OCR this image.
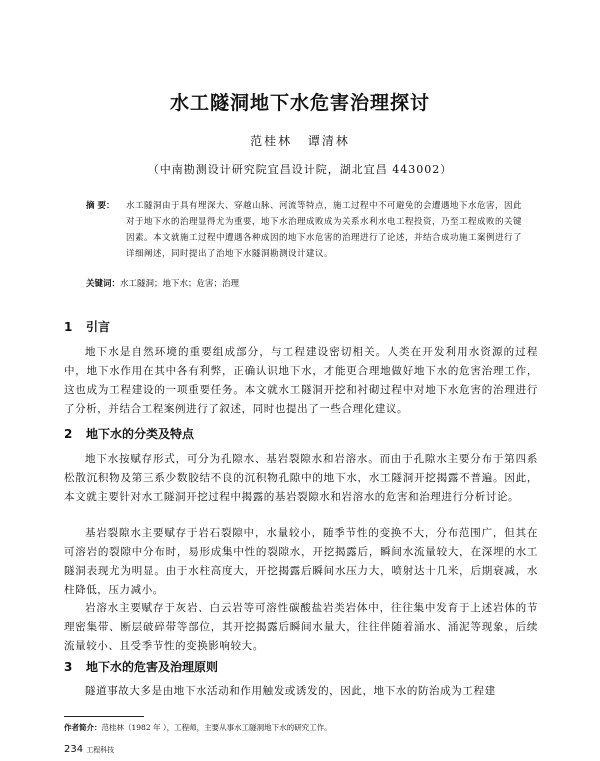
水工隧洞地下水危害治理探讨
范桂林 谭清林
（中南勘测设计研究院宜昌设计院，湖北宜昌 443002）
摘 要： 水工隧洞由于具有埋深大、穿越山脉、河流等特点，施工过程中不可避免的会遭遇地下水危害，因此对于地下水的治理显得尤为重要，地下水治理成败成为关系水利水电工程投资，乃至工程成败的关键因素。本文就施工过程中遭遇各种成因的地下水危害的治理进行了论述，并结合成功施工案例进行了详细阐述，同时提出了治地下水隧洞勘测设计建议。
关键词：水工隧洞；地下水；危害；治理
1 引言

地下水是自然环境的重要组成部分，与工程建设密切相关。人类在开发利用水资源的过程中，地下水作用在其中各有利弊，正确认识地下水，才能更合理地做好地下水的危害治理工作，这也成为工程建设的一项重要任务。本文就水工隧洞开挖和衬砌过程中对地下水危害的治理进行了分析，并结合工程案例进行了叙述，同时也提出了一些合理化建议。

2 地下水的分类及特点

地下水按赋存形式，可分为孔隙水、基岩裂隙水和岩溶水。而由于孔隙水主要分布于第四系松散沉积物及第三系少数胶结不良的沉积物孔隙中的地下水，水工隧洞开挖揭露不普遍。因此，本文就主要针对水工隧洞开挖过程中揭露的基岩裂隙水和岩溶水的危害和治理进行分析讨论。

基岩裂隙水主要赋存于岩石裂隙中，水量较小，随季节性的变换不大，分布范围广，但其在可溶岩的裂隙中分布时，易形成集中性的裂隙水，开挖揭露后，瞬间水流量较大，在深埋的水工隧洞表现尤为明显。由于水柱高度大，开挖揭露后瞬间水压力大，喷射达十几米，后期衰减，水柱降低，压力减小。

岩溶水主要赋存于灰岩、白云岩等可溶性碳酸盐岩类岩体中，往往集中发育于上述岩体的节理密集带、断层破碎带等部位，其开挖揭露后瞬间水量大，往往伴随着涌水、涌泥等现象，后续流量较小、且受季节性的变换影响较大。

3 地下水的危害及治理原则

隧道事故大多是由地下水活动和作用触发或诱发的，因此，地下水的防治成为工程建

作者简介：范桂林（1982 年 ），工程师，主要从事水工隧洞地下水的研究工作。
234 工程科技
